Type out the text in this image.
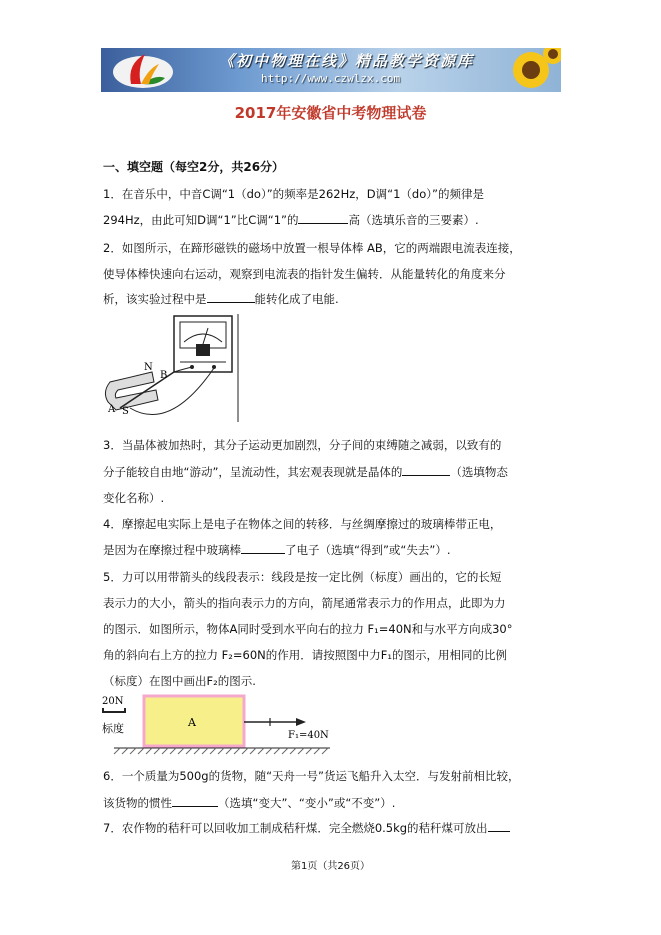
《初中物理在线》精品教学资源库
http://www.czwlzx.com
2017年安徽省中考物理试卷
一、填空题（每空2分，共26分）
1．在音乐中，中音C调“1（do）”的频率是262Hz，D调“1（do）”的频律是
294Hz，由此可知D调“1”比C调“1”的	高（选填乐音的三要素）.
2．如图所示，在蹄形磁铁的磁场中放置一根导体棒 AB，它的两端跟电流表连接，
使导体棒快速向右运动，观察到电流表的指针发生偏转．从能量转化的角度来分
析，该实验过程中是	能转化成了电能.
N
B
A S
3．当晶体被加热时，其分子运动更加剧烈，分子间的束缚随之减弱，以致有的
分子能较自由地“游动”，呈流动性，其宏观表现就是晶体的	（选填物态
变化名称）.
4．摩擦起电实际上是电子在物体之间的转移．与丝绸摩擦过的玻璃棒带正电，
是因为在摩擦过程中玻璃棒	了电子（选填“得到”或“失去”）.
5．力可以用带箭头的线段表示：线段是按一定比例（标度）画出的，它的长短
表示力的大小，箭头的指向表示力的方向，箭尾通常表示力的作用点，此即为力
的图示．如图所示，物体A同时受到水平向右的拉力 F₁=40N和与水平方向成30°
角的斜向右上方的拉力 F₂=60N的作用．请按照图中力F₁的图示，用相同的比例
（标度）在图中画出F₂的图示.
20N
标度	A
F₁=40N
6．一个质量为500g的货物，随“天舟一号”货运飞船升入太空．与发射前相比较，
该货物的惯性	（选填“变大”、“变小”或“不变”）.
7．农作物的秸秆可以回收加工制成秸秆煤．完全燃烧0.5kg的秸秆煤可放出
第1页（共26页）
